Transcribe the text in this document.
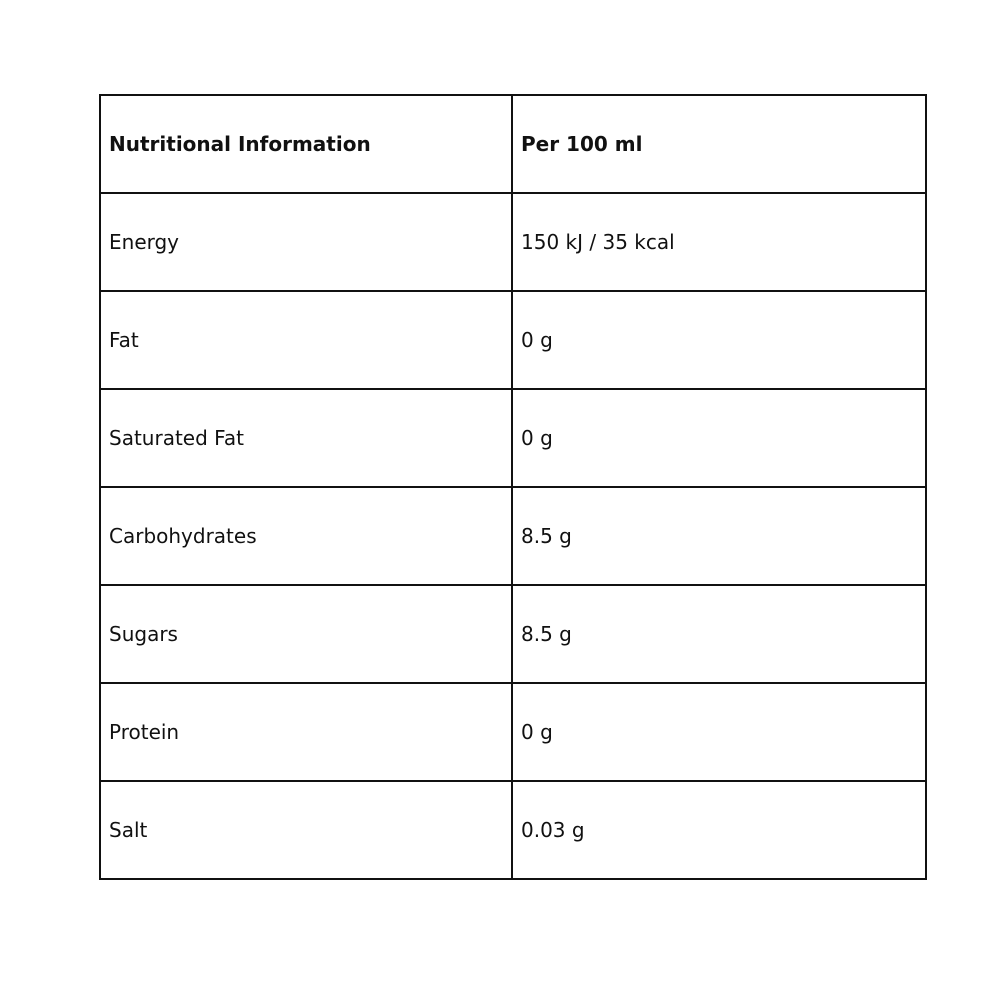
Nutritional Information	Per 100 ml
Energy	150 kJ / 35 kcal
Fat	0 g
Saturated Fat	0 g
Carbohydrates	8.5 g
Sugars	8.5 g
Protein	0 g
Salt	0.03 g
